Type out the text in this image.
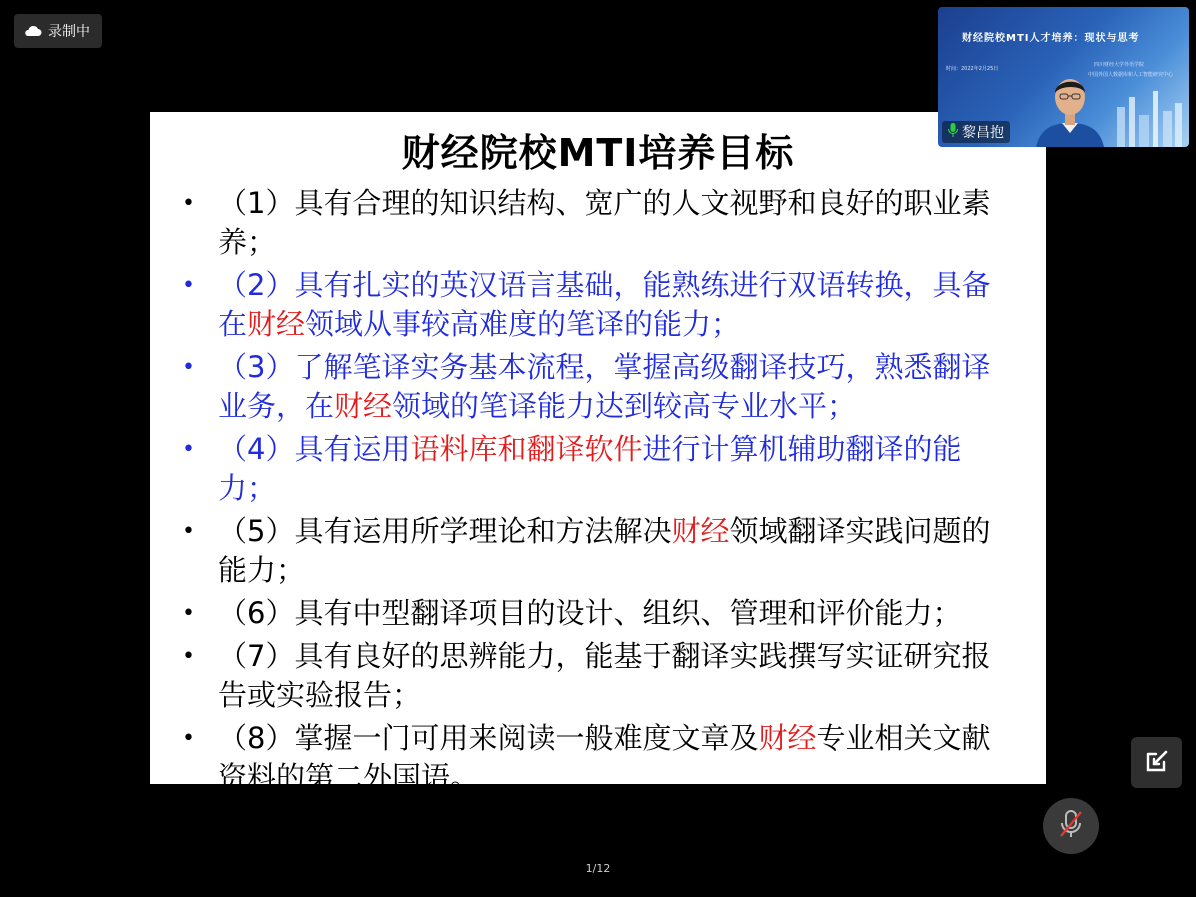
录制中
财经院校MTI培养目标
• （1）具有合理的知识结构、宽广的人文视野和良好的职业素养；
• （2）具有扎实的英汉语言基础，能熟练进行双语转换，具备在财经领域从事较高难度的笔译的能力；
• （3）了解笔译实务基本流程，掌握高级翻译技巧，熟悉翻译业务，在财经领域的笔译能力达到较高专业水平；
• （4）具有运用语料库和翻译软件进行计算机辅助翻译的能力；
• （5）具有运用所学理论和方法解决财经领域翻译实践问题的能力；
• （6）具有中型翻译项目的设计、组织、管理和评价能力；
• （7）具有良好的思辨能力，能基于翻译实践撰写实证研究报告或实验报告；
• （8）掌握一门可用来阅读一般难度文章及财经专业相关文献资料的第二外国语。
财经院校MTI人才培养：现状与思考
时间：2022年2月25日
四川财经大学外语学院
中国外国人数据库和人工智能研究中心
黎昌抱
1/12
